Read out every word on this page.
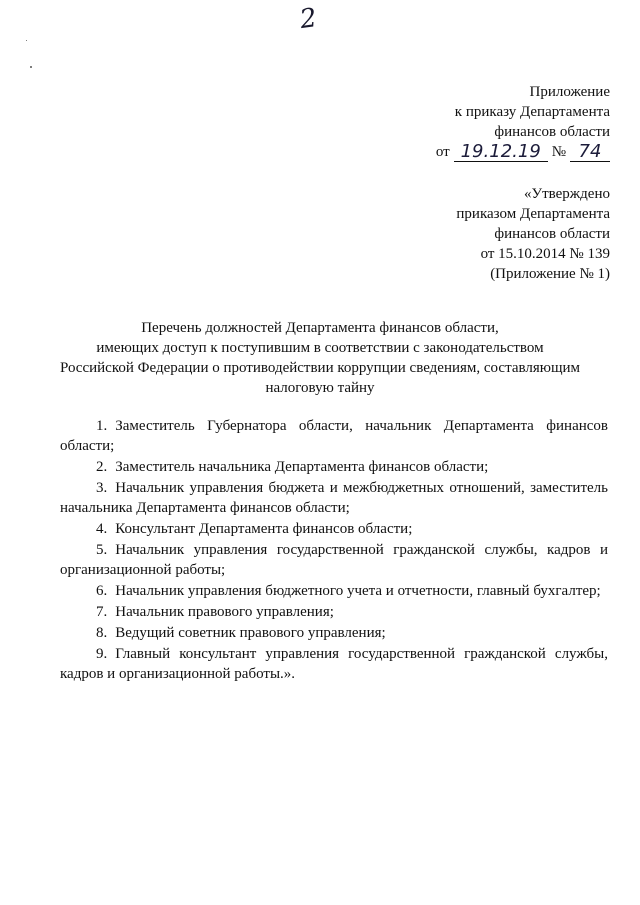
2
Приложение
к приказу Департамента
финансов области
от 19.12.19 № 74
«Утверждено
приказом Департамента
финансов области
от 15.10.2014 № 139
(Приложение № 1)
Перечень должностей Департамента финансов области,
имеющих доступ к поступившим в соответствии с законодательством
Российской Федерации о противодействии коррупции сведениям, составляющим
налоговую тайну
1. Заместитель Губернатора области, начальник Департамента финансов области;
2. Заместитель начальника Департамента финансов области;
3. Начальник управления бюджета и межбюджетных отношений, заместитель начальника Департамента финансов области;
4. Консультант Департамента финансов области;
5. Начальник управления государственной гражданской службы, кадров и организационной работы;
6. Начальник управления бюджетного учета и отчетности, главный бухгалтер;
7. Начальник правового управления;
8. Ведущий советник правового управления;
9. Главный консультант управления государственной гражданской службы, кадров и организационной работы.».
